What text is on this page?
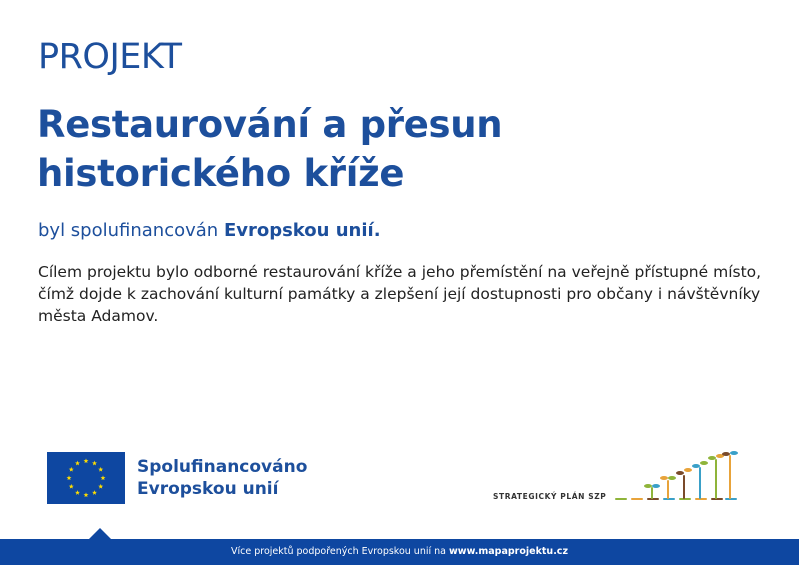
PROJEKT
Restaurování a přesun
historického kříže
byl spolufinancován Evropskou unií.
Cílem projektu bylo odborné restaurování kříže a jeho přemístění na veřejně přístupné místo, čímž dojde k zachování kulturní památky a zlepšení její dostupnosti pro občany i návštěvníky města Adamov.
Spolufinancováno
Evropskou unií	STRATEGICKÝ PLÁN SZP
Více projektů podpořených Evropskou unií na www.mapaprojektu.cz
